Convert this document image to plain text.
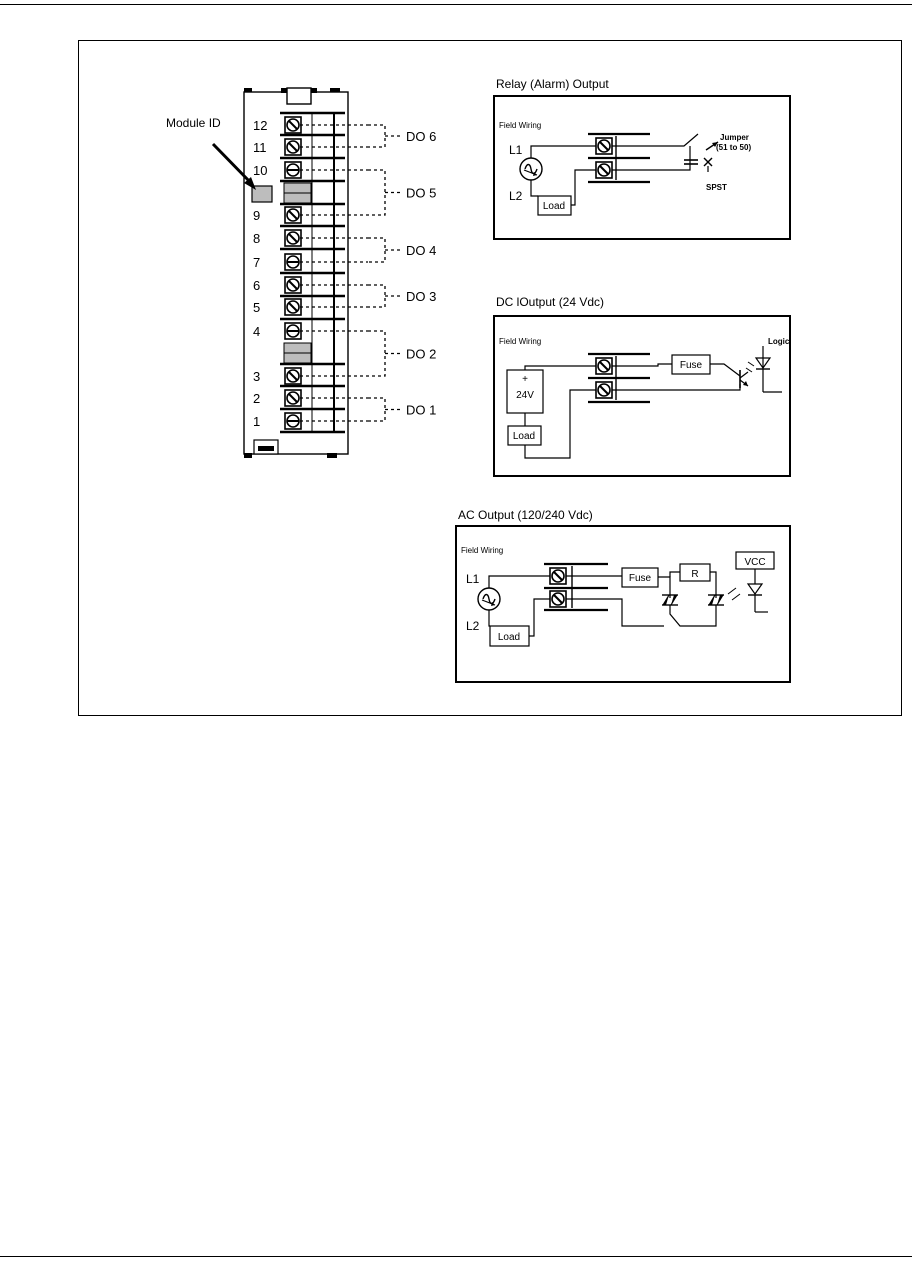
12
11
10
9
8
7
6
5
4
3
2
1
DO 6
DO 5
DO 4
DO 3
DO 2
DO 1
Module ID
Relay (Alarm) Output
Field Wiring
L1
L2
Load
Jumper
(51 to 50)
SPST
DC lOutput (24 Vdc)
Field Wiring
+
24V
Load
Fuse
Logic
AC Output (120/240 Vdc)
Field Wiring
L1
L2
Load
Fuse	R
VCC
